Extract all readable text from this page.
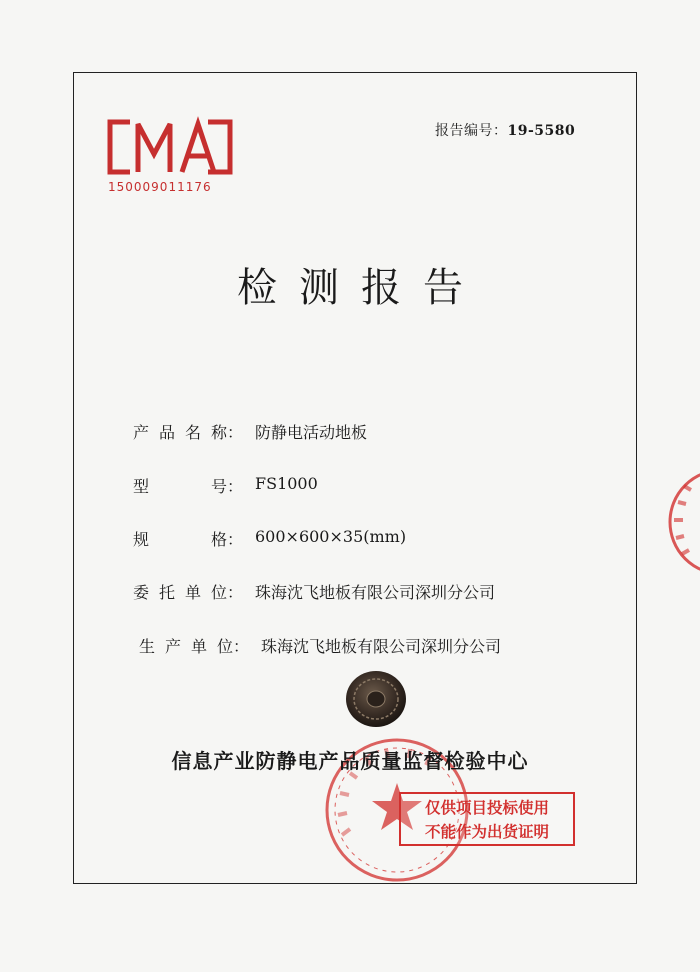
150009011176
报告编号：19-5580
检测报告
产 品 名 称： 防静电活动地板
型	号： FS1000
规	格： 600×600×35(mm)
委 托 单 位： 珠海沈飞地板有限公司深圳分公司
生 产 单 位： 珠海沈飞地板有限公司深圳分公司
信息产业防静电产品质量监督检验中心
仅供项目投标使用
不能作为出货证明
